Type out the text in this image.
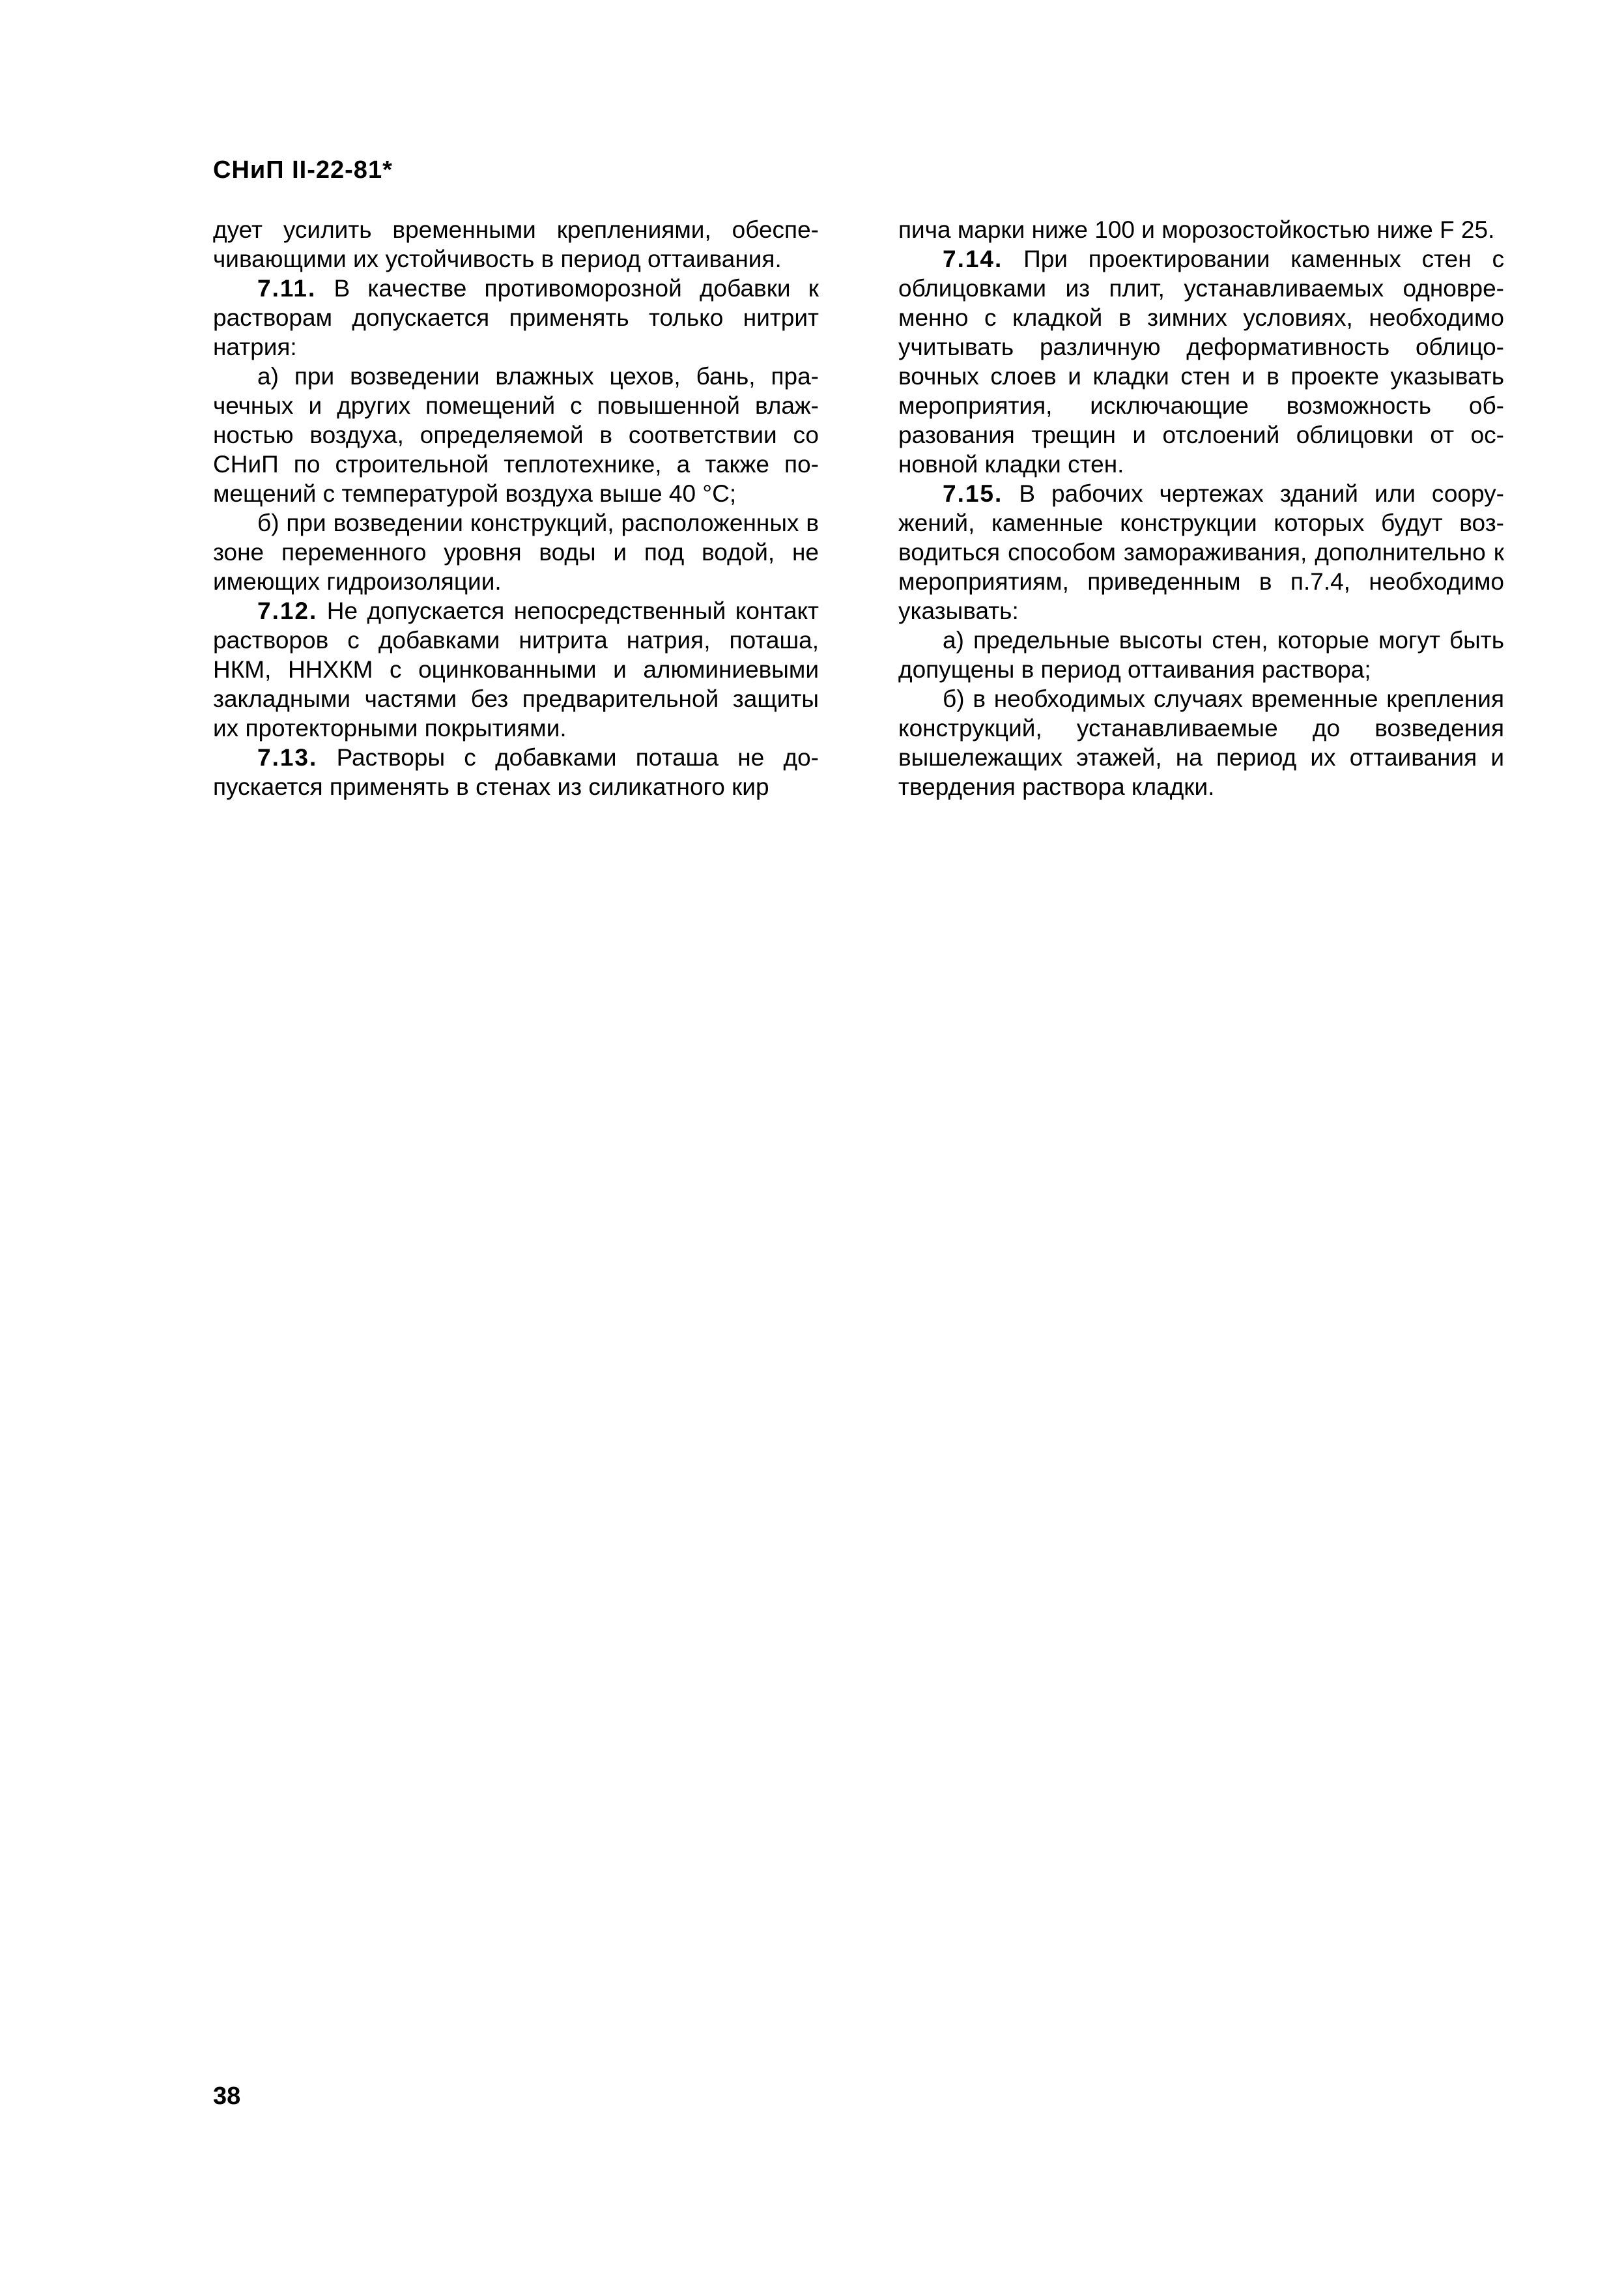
СНиП II-22-81*

дует усилить временными креплениями, обеспечивающими их устойчивость в период оттаивания.

7.11. В качестве противоморозной добавки к растворам допускается применять только нитрит натрия:

а) при возведении влажных цехов, бань, прачечных и других помещений с повышенной влажностью воздуха, определяемой в соответствии со СНиП по строительной теплотехнике, а также помещений с температурой воздуха выше 40 °С;

б) при возведении конструкций, расположенных в зоне переменного уровня воды и под водой, не имеющих гидроизоляции.

7.12. Не допускается непосредственный контакт растворов с добавками нитрита натрия, поташа, НКМ, ННХКМ с оцинкованными и алюминиевыми закладными частями без предварительной защиты их протекторными покрытиями.

7.13. Растворы с добавками поташа не допускается применять в стенах из силикатного кир

пича марки ниже 100 и морозостойкостью ниже F 25.

7.14. При проектировании каменных стен с облицовками из плит, устанавливаемых одновременно с кладкой в зимних условиях, необходимо учитывать различную деформативность облицовочных слоев и кладки стен и в проекте указывать мероприятия, исключающие возможность образования трещин и отслоений облицовки от основной кладки стен.

7.15. В рабочих чертежах зданий или сооружений, каменные конструкции которых будут возводиться способом замораживания, дополнительно к мероприятиям, приведенным в п.7.4, необходимо указывать:

а) предельные высоты стен, которые могут быть допущены в период оттаивания раствора;

б) в необходимых случаях временные крепления конструкций, устанавливаемые до возведения вышележащих этажей, на период их оттаивания и твердения раствора кладки.

38
